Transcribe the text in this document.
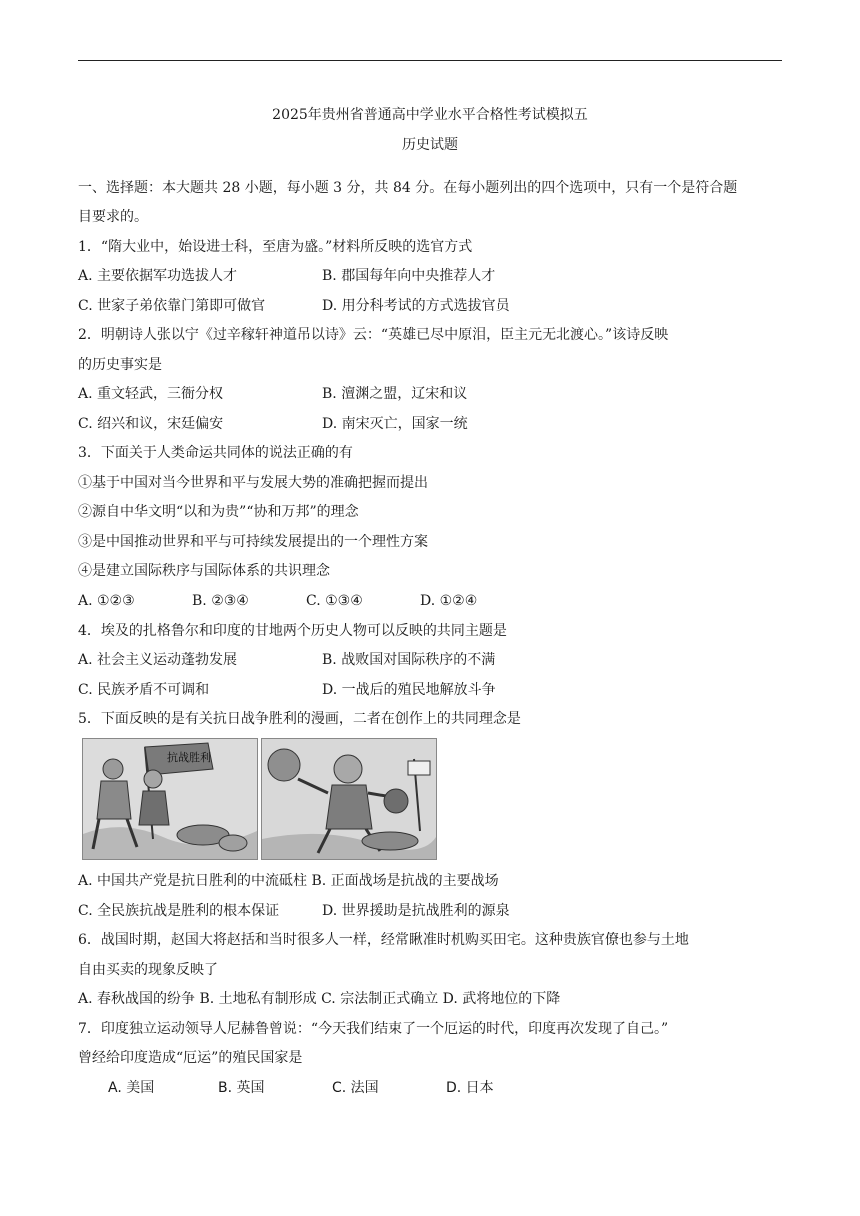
2025年贵州省普通高中学业水平合格性考试模拟五
历史试题
一、选择题：本大题共 28 小题，每小题 3 分，共 84 分。在每小题列出的四个选项中，只有一个是符合题
目要求的。
1．“隋大业中，始设进士科，至唐为盛。”材料所反映的选官方式
A. 主要依据军功选拔人才	B. 郡国每年向中央推荐人才
C. 世家子弟依靠门第即可做官	D. 用分科考试的方式选拔官员
2．明朝诗人张以宁《过辛稼轩神道吊以诗》云：“英雄已尽中原泪，臣主元无北渡心。”该诗反映
的历史事实是
A. 重文轻武，三衙分权	B. 澶渊之盟，辽宋和议
C. 绍兴和议，宋廷偏安	D. 南宋灭亡，国家一统
3．下面关于人类命运共同体的说法正确的有
①基于中国对当今世界和平与发展大势的准确把握而提出
②源自中华文明“以和为贵”“协和万邦”的理念
③是中国推动世界和平与可持续发展提出的一个理性方案
④是建立国际秩序与国际体系的共识理念
A. ①②③	B. ②③④	C. ①③④	D. ①②④
4．埃及的扎格鲁尔和印度的甘地两个历史人物可以反映的共同主题是
A. 社会主义运动蓬勃发展	B. 战败国对国际秩序的不满
C. 民族矛盾不可调和	D. 一战后的殖民地解放斗争
5．下面反映的是有关抗日战争胜利的漫画，二者在创作上的共同理念是
抗战胜利
A. 中国共产党是抗日胜利的中流砥柱 B. 正面战场是抗战的主要战场
C. 全民族抗战是胜利的根本保证	D. 世界援助是抗战胜利的源泉
6．战国时期，赵国大将赵括和当时很多人一样，经常瞅准时机购买田宅。这种贵族官僚也参与土地
自由买卖的现象反映了
A. 春秋战国的纷争 B. 土地私有制形成 C. 宗法制正式确立 D. 武将地位的下降
7．印度独立运动领导人尼赫鲁曾说：“今天我们结束了一个厄运的时代，印度再次发现了自己。”
曾经给印度造成“厄运”的殖民国家是
A. 美国	B. 英国	C. 法国	D. 日本
